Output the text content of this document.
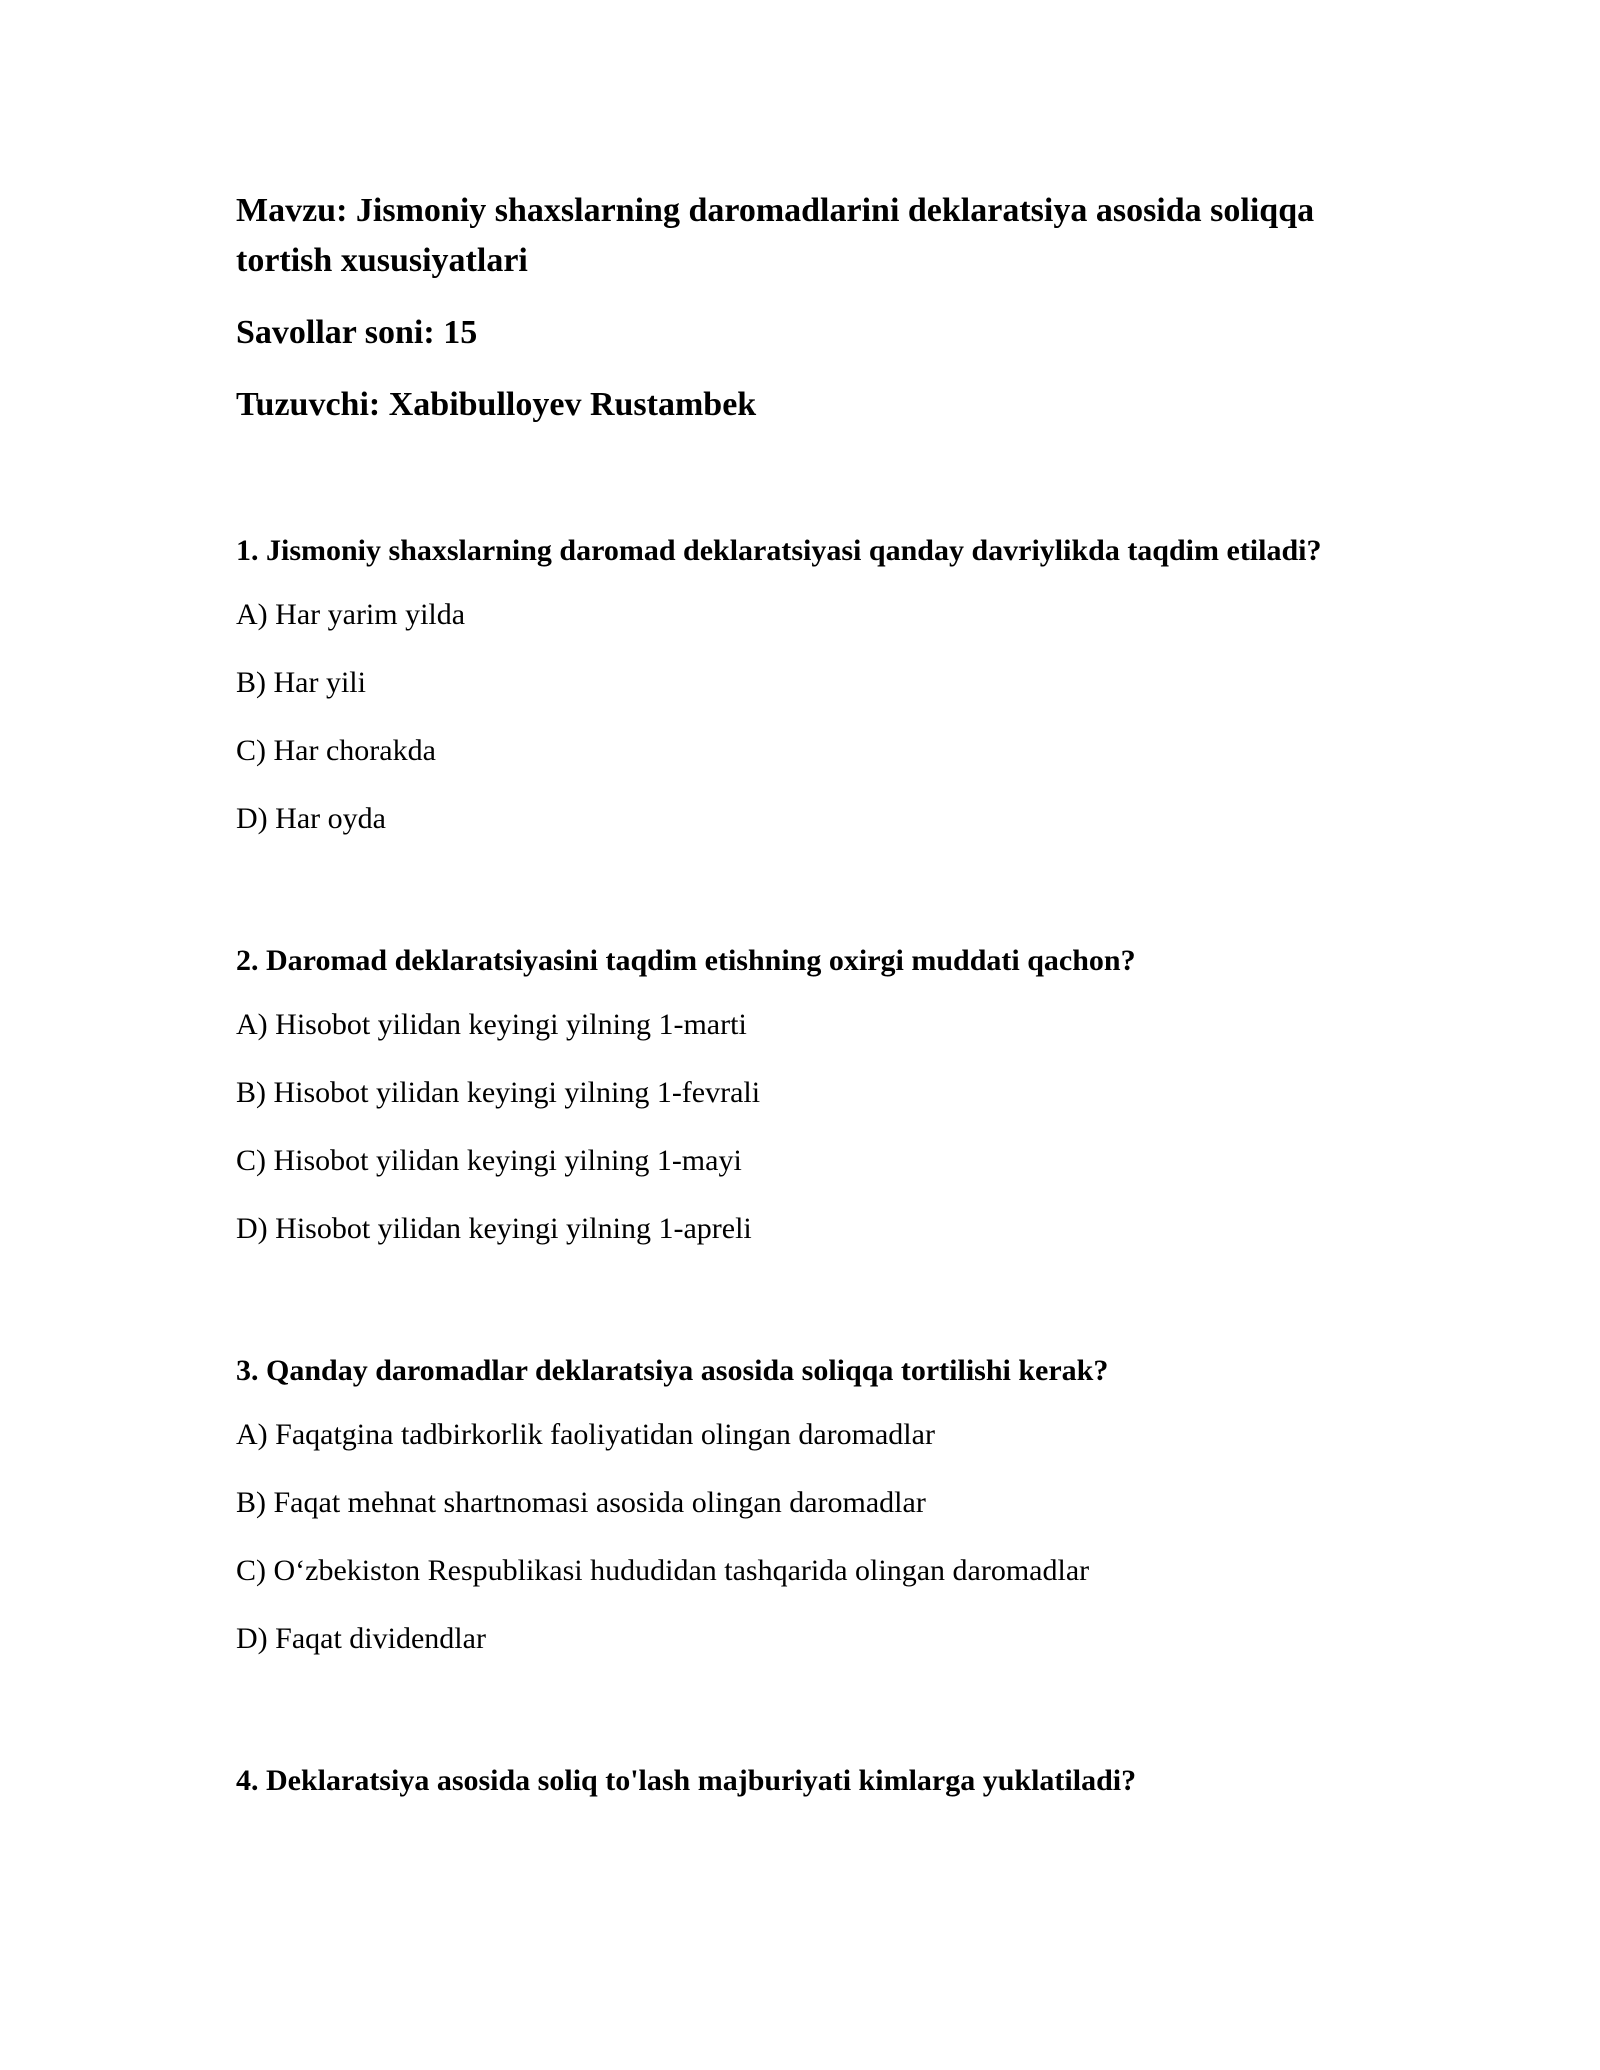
Mavzu: Jismoniy shaxslarning daromadlarini deklaratsiya asosida soliqqa tortish xususiyatlari

Savollar soni: 15

Tuzuvchi: Xabibulloyev Rustambek

1. Jismoniy shaxslarning daromad deklaratsiyasi qanday davriylikda taqdim etiladi?

A) Har yarim yilda

B) Har yili

C) Har chorakda

D) Har oyda

2. Daromad deklaratsiyasini taqdim etishning oxirgi muddati qachon?

A) Hisobot yilidan keyingi yilning 1-marti

B) Hisobot yilidan keyingi yilning 1-fevrali

C) Hisobot yilidan keyingi yilning 1-mayi

D) Hisobot yilidan keyingi yilning 1-apreli

3. Qanday daromadlar deklaratsiya asosida soliqqa tortilishi kerak?

A) Faqatgina tadbirkorlik faoliyatidan olingan daromadlar

B) Faqat mehnat shartnomasi asosida olingan daromadlar

C) O‘zbekiston Respublikasi hududidan tashqarida olingan daromadlar

D) Faqat dividendlar

4. Deklaratsiya asosida soliq to'lash majburiyati kimlarga yuklatiladi?
